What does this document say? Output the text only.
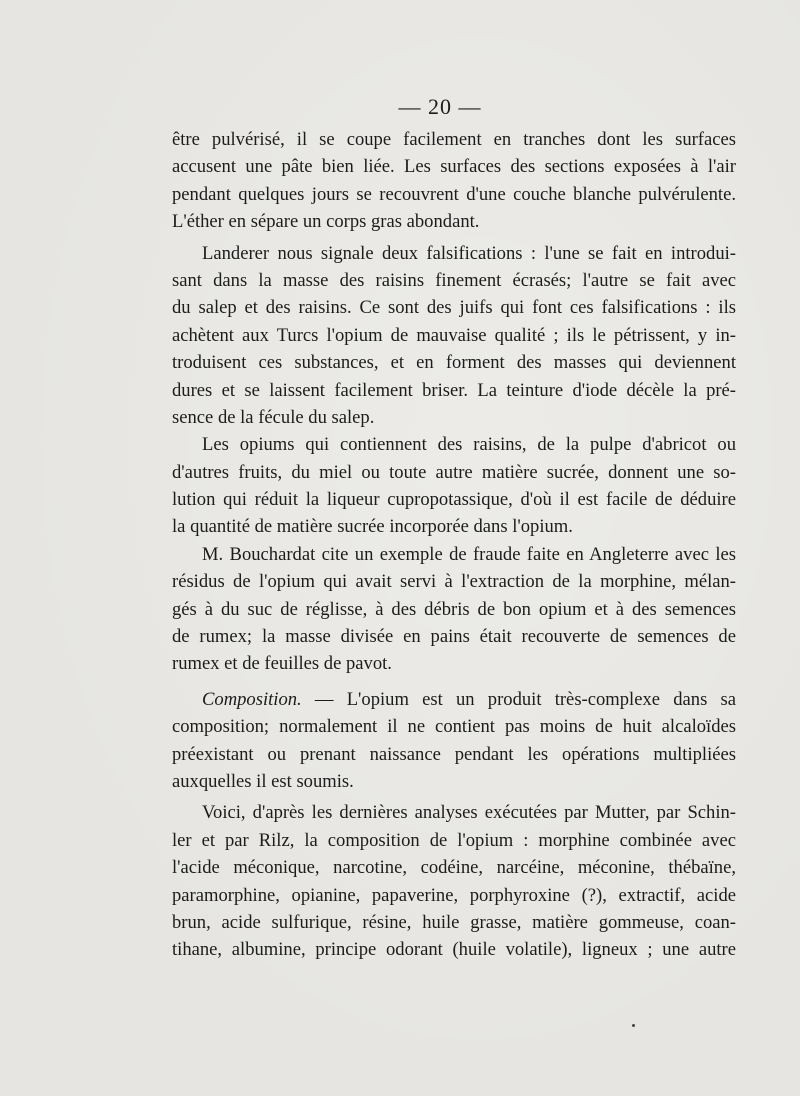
— 20 —
être pulvérisé, il se coupe facilement en tranches dont les surfaces
accusent une pâte bien liée. Les surfaces des sections exposées à l'air
pendant quelques jours se recouvrent d'une couche blanche pulvérulente.
L'éther en sépare un corps gras abondant.
Landerer nous signale deux falsifications : l'une se fait en introdui-
sant dans la masse des raisins finement écrasés; l'autre se fait avec
du salep et des raisins. Ce sont des juifs qui font ces falsifications : ils
achètent aux Turcs l'opium de mauvaise qualité ; ils le pétrissent, y in-
troduisent ces substances, et en forment des masses qui deviennent
dures et se laissent facilement briser. La teinture d'iode décèle la pré-
sence de la fécule du salep.
Les opiums qui contiennent des raisins, de la pulpe d'abricot ou
d'autres fruits, du miel ou toute autre matière sucrée, donnent une so-
lution qui réduit la liqueur cupropotassique, d'où il est facile de déduire
la quantité de matière sucrée incorporée dans l'opium.
M. Bouchardat cite un exemple de fraude faite en Angleterre avec les
résidus de l'opium qui avait servi à l'extraction de la morphine, mélan-
gés à du suc de réglisse, à des débris de bon opium et à des semences
de rumex; la masse divisée en pains était recouverte de semences de
rumex et de feuilles de pavot.
Composition. — L'opium est un produit très-complexe dans sa
composition; normalement il ne contient pas moins de huit alcaloïdes
préexistant ou prenant naissance pendant les opérations multipliées
auxquelles il est soumis.
Voici, d'après les dernières analyses exécutées par Mutter, par Schin-
ler et par Rilz, la composition de l'opium : morphine combinée avec
l'acide méconique, narcotine, codéine, narcéine, méconine, thébaïne,
paramorphine, opianine, papaverine, porphyroxine (?), extractif, acide
brun, acide sulfurique, résine, huile grasse, matière gommeuse, coan-
tihane, albumine, principe odorant (huile volatile), ligneux ; une autre
